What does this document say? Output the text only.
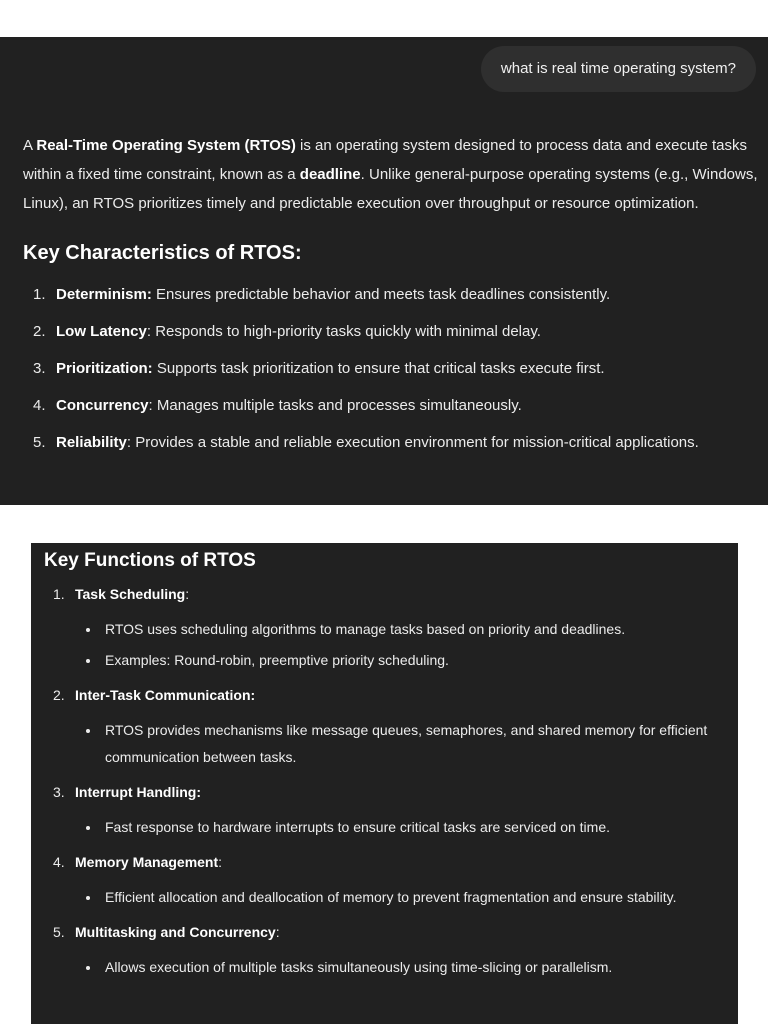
what is real time operating system?

A Real-Time Operating System (RTOS) is an operating system designed to process data and execute tasks within a fixed time constraint, known as a deadline. Unlike general-purpose operating systems (e.g., Windows, Linux), an RTOS prioritizes timely and predictable execution over throughput or resource optimization.

Key Characteristics of RTOS:
1. Determinism: Ensures predictable behavior and meets task deadlines consistently.
2. Low Latency: Responds to high-priority tasks quickly with minimal delay.
3. Prioritization: Supports task prioritization to ensure that critical tasks execute first.
4. Concurrency: Manages multiple tasks and processes simultaneously.
5. Reliability: Provides a stable and reliable execution environment for mission-critical applications.
Key Functions of RTOS
1. Task Scheduling:
RTOS uses scheduling algorithms to manage tasks based on priority and deadlines.
Examples: Round-robin, preemptive priority scheduling.
2. Inter-Task Communication:
RTOS provides mechanisms like message queues, semaphores, and shared memory for efficient communication between tasks.
3. Interrupt Handling:
Fast response to hardware interrupts to ensure critical tasks are serviced on time.
4. Memory Management:
Efficient allocation and deallocation of memory to prevent fragmentation and ensure stability.
5. Multitasking and Concurrency:
Allows execution of multiple tasks simultaneously using time-slicing or parallelism.
